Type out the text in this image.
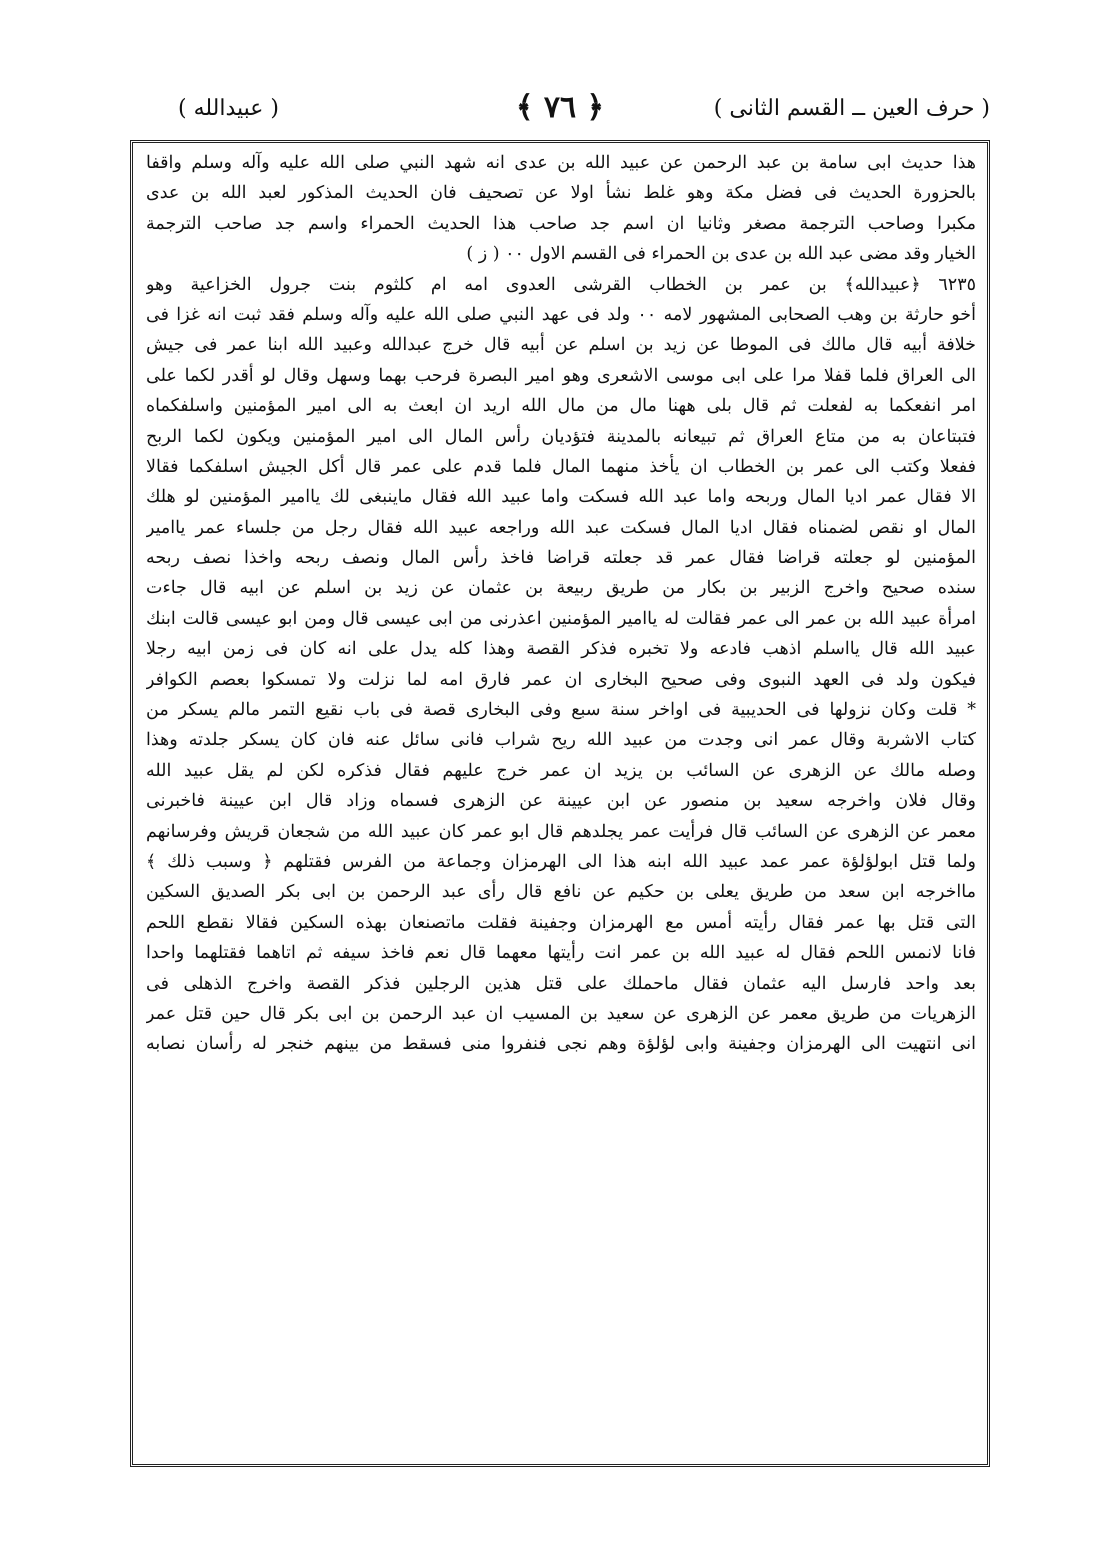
( حرف العين ــ القسم الثانى )
﴿ ٧٦ ﴾
( عبيدالله )
هذا حديث ابى سامة بن عبد الرحمن عن عبيد الله بن عدى انه شهد النبي صلى الله عليه وآله وسلم واقفا
بالحزورة الحديث فى فضل مكة وهو غلط نشأ اولا عن تصحيف فان الحديث المذكور لعبد الله بن عدى
مكبرا وصاحب الترجمة مصغر وثانيا ان اسم جد صاحب هذا الحديث الحمراء واسم جد صاحب الترجمة
الخيار وقد مضى عبد الله بن عدى بن الحمراء فى القسم الاول ٠٠ ( ز )
٦٢٣٥ ﴿عبيدالله﴾ بن عمر بن الخطاب القرشى العدوى امه ام كلثوم بنت جرول الخزاعية وهو
أخو حارثة بن وهب الصحابى المشهور لامه ٠٠ ولد فى عهد النبي صلى الله عليه وآله وسلم فقد ثبت انه غزا فى
خلافة أبيه قال مالك فى الموطا عن زيد بن اسلم عن أبيه قال خرج عبدالله وعبيد الله ابنا عمر فى جيش
الى العراق فلما قفلا مرا على ابى موسى الاشعرى وهو امير البصرة فرحب بهما وسهل وقال لو أقدر لكما على
امر انفعكما به لفعلت ثم قال بلى ههنا مال من مال الله اريد ان ابعث به الى امير المؤمنين واسلفكماه
فتبتاعان به من متاع العراق ثم تبيعانه بالمدينة فتؤديان رأس المال الى امير المؤمنين ويكون لكما الربح
ففعلا وكتب الى عمر بن الخطاب ان يأخذ منهما المال فلما قدم على عمر قال أكل الجيش اسلفكما فقالا
الا فقال عمر اديا المال وربحه واما عبد الله فسكت واما عبيد الله فقال ماينبغى لك ياامير المؤمنين لو هلك
المال او نقص لضمناه فقال اديا المال فسكت عبد الله وراجعه عبيد الله فقال رجل من جلساء عمر ياامير
المؤمنين لو جعلته قراضا فقال عمر قد جعلته قراضا فاخذ رأس المال ونصف ربحه واخذا نصف ربحه
سنده صحيح واخرج الزبير بن بكار من طريق ربيعة بن عثمان عن زيد بن اسلم عن ابيه قال جاءت
امرأة عبيد الله بن عمر الى عمر فقالت له ياامير المؤمنين اعذرنى من ابى عيسى قال ومن ابو عيسى قالت ابنك
عبيد الله قال يااسلم اذهب فادعه ولا تخبره فذكر القصة وهذا كله يدل على انه كان فى زمن ابيه رجلا
فيكون ولد فى العهد النبوى وفى صحيح البخارى ان عمر فارق امه لما نزلت ولا تمسكوا بعصم الكوافر
* قلت وكان نزولها فى الحديبية فى اواخر سنة سبع وفى البخارى قصة فى باب نقيع التمر مالم يسكر من
كتاب الاشربة وقال عمر انى وجدت من عبيد الله ريح شراب فانى سائل عنه فان كان يسكر جلدته وهذا
وصله مالك عن الزهرى عن السائب بن يزيد ان عمر خرج عليهم فقال فذكره لكن لم يقل عبيد الله
وقال فلان واخرجه سعيد بن منصور عن ابن عيينة عن الزهرى فسماه وزاد قال ابن عيينة فاخبرنى
معمر عن الزهرى عن السائب قال فرأيت عمر يجلدهم قال ابو عمر كان عبيد الله من شجعان قريش وفرسانهم
ولما قتل ابولؤلؤة عمر عمد عبيد الله ابنه هذا الى الهرمزان وجماعة من الفرس فقتلهم ﴿ وسبب ذلك ﴾
مااخرجه ابن سعد من طريق يعلى بن حكيم عن نافع قال رأى عبد الرحمن بن ابى بكر الصديق السكين
التى قتل بها عمر فقال رأيته أمس مع الهرمزان وجفينة فقلت ماتصنعان بهذه السكين فقالا نقطع اللحم
فانا لانمس اللحم فقال له عبيد الله بن عمر انت رأيتها معهما قال نعم فاخذ سيفه ثم اتاهما فقتلهما واحدا
بعد واحد فارسل اليه عثمان فقال ماحملك على قتل هذين الرجلين فذكر القصة واخرج الذهلى فى
الزهريات من طريق معمر عن الزهرى عن سعيد بن المسيب ان عبد الرحمن بن ابى بكر قال حين قتل عمر
انى انتهيت الى الهرمزان وجفينة وابى لؤلؤة وهم نجى فنفروا منى فسقط من بينهم خنجر له رأسان نصابه
